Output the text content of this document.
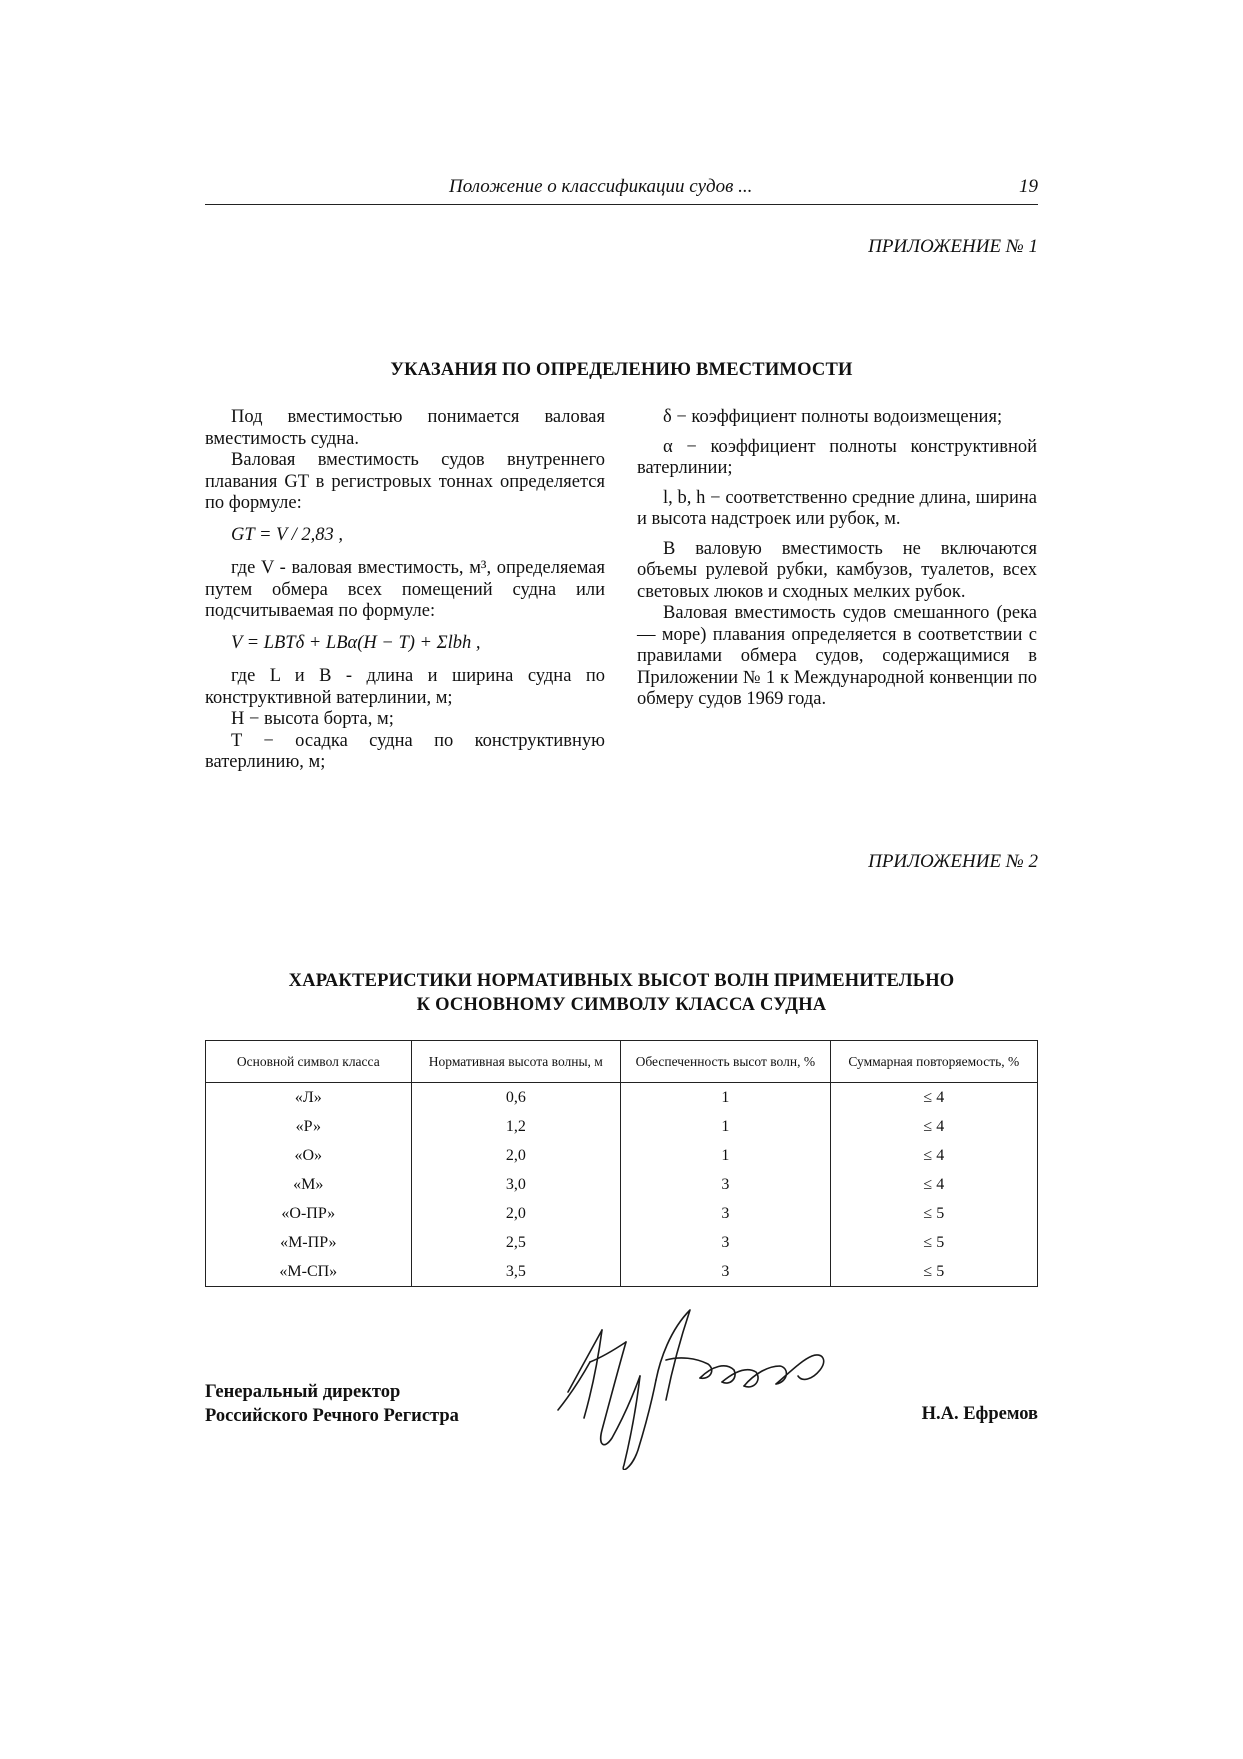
Положение о классификации судов ...	19
ПРИЛОЖЕНИЕ № 1
УКАЗАНИЯ ПО ОПРЕДЕЛЕНИЮ ВМЕСТИМОСТИ

Под вместимостью понимается валовая вместимость судна.

Валовая вместимость судов внутреннего плавания GT в регистровых тоннах определяется по формуле:

GT = V / 2,83 ,

где V - валовая вместимость, м³, определяемая путем обмера всех помещений судна или подсчитываемая по формуле:

V = LBTδ + LBα(H − T) + Σlbh ,

где L и B - длина и ширина судна по конструктивной ватерлинии, м;

H − высота борта, м;

T − осадка судна по конструктивную ватерлинию, м;

δ − коэффициент полноты водоизмещения;

α − коэффициент полноты конструктивной ватерлинии;

l, b, h − соответственно средние длина, ширина и высота надстроек или рубок, м.

В валовую вместимость не включаются объемы рулевой рубки, камбузов, туалетов, всех световых люков и сходных мелких рубок.

Валовая вместимость судов смешанного (река — море) плавания определяется в соответствии с правилами обмера судов, содержащимися в Приложении № 1 к Международной конвенции по обмеру судов 1969 года.

ПРИЛОЖЕНИЕ № 2
ХАРАКТЕРИСТИКИ НОРМАТИВНЫХ ВЫСОТ ВОЛН ПРИМЕНИТЕЛЬНО
К ОСНОВНОМУ СИМВОЛУ КЛАССА СУДНА
Основной символ класса	Нормативная высота волны, м	Обеспеченность высот волн, %	Суммарная повторяемость, %
«Л»	0,6	1	≤ 4
«Р»	1,2	1	≤ 4
«О»	2,0	1	≤ 4
«М»	3,0	3	≤ 4
«О-ПР»	2,0	3	≤ 5
«М-ПР»	2,5	3	≤ 5
«М-СП»	3,5	3	≤ 5
Генеральный директор
Российского Речного Регистра	Н.А. Ефремов
